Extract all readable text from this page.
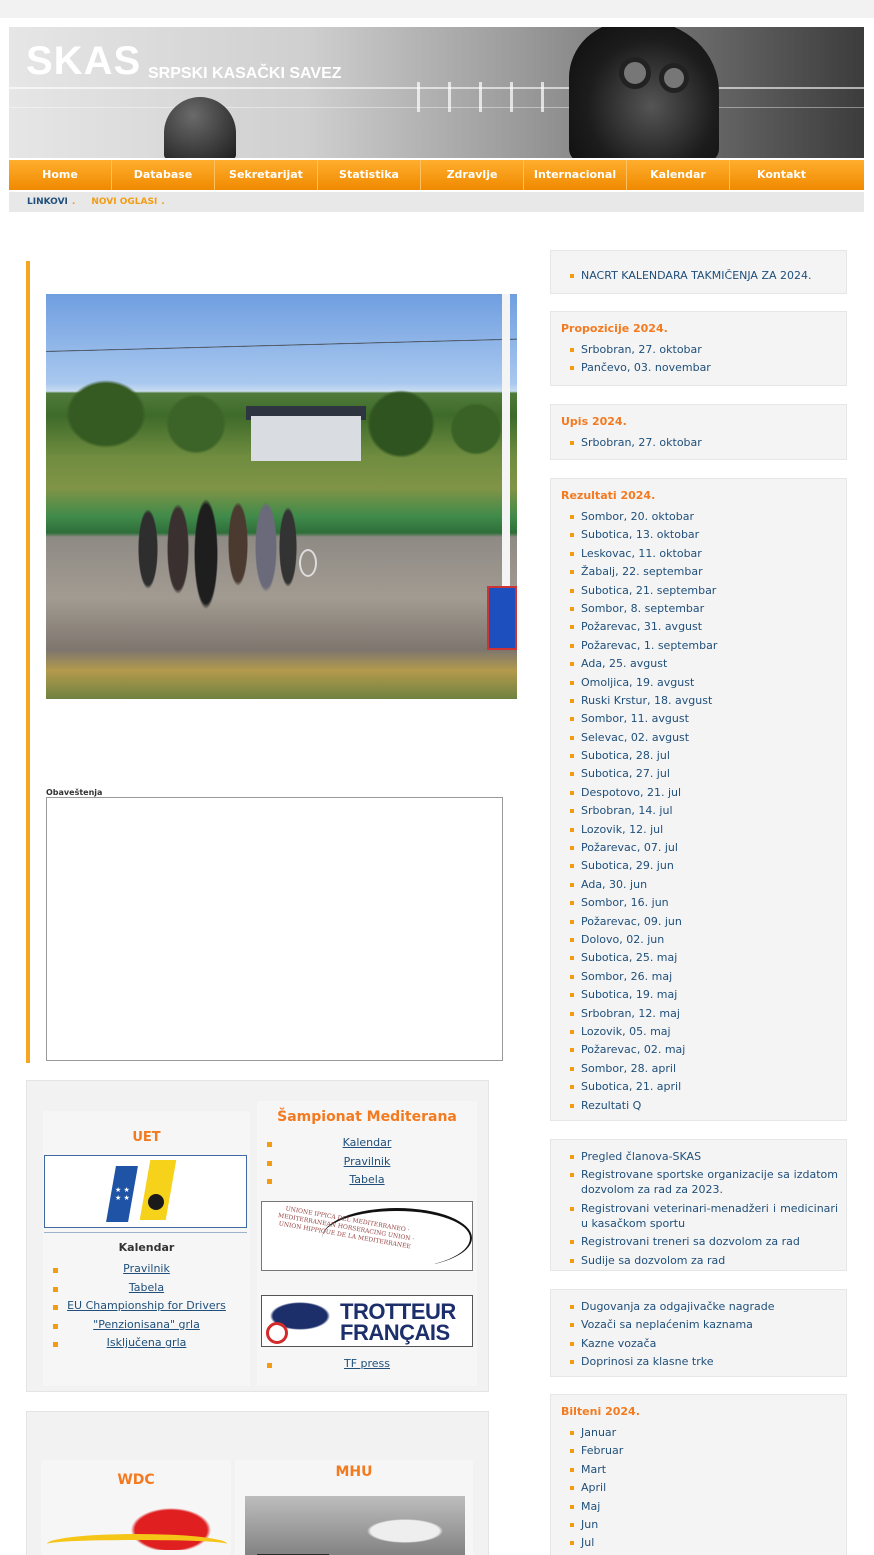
SKAS SRPSKI KASAČKI SAVEZ
Home	Database	Sekretarijat	Statistika	Zdravlje	Internacional	Kalendar	Kontakt
LINKOVI . NOVI OGLASI .
Obaveštenja
UET
★ ★
★ ★
Kalendar
Pravilnik
Tabela
EU Championship for Drivers
"Penzionisana" grla
Isključena grla
Šampionat Mediterana
Kalendar
Pravilnik
Tabela
UNIONE IPPICA DEL MEDITERRANEO · MEDITERRANEAN HORSERACING UNION · UNION HIPPIQUE DE LA MEDITERRANÉE
TROTTEUR
FRANÇAIS
TF press
WDC	MHU
NACRT KALENDARA TAKMIČENJA ZA 2024.
Propozicije 2024.
Srbobran, 27. oktobar
Pančevo, 03. novembar
Upis 2024.
Srbobran, 27. oktobar
Rezultati 2024.
Sombor, 20. oktobar
Subotica, 13. oktobar
Leskovac, 11. oktobar
Žabalj, 22. septembar
Subotica, 21. septembar
Sombor, 8. septembar
Požarevac, 31. avgust
Požarevac, 1. septembar
Ada, 25. avgust
Omoljica, 19. avgust
Ruski Krstur, 18. avgust
Sombor, 11. avgust
Selevac, 02. avgust
Subotica, 28. jul
Subotica, 27. jul
Despotovo, 21. jul
Srbobran, 14. jul
Lozovik, 12. jul
Požarevac, 07. jul
Subotica, 29. jun
Ada, 30. jun
Sombor, 16. jun
Požarevac, 09. jun
Dolovo, 02. jun
Subotica, 25. maj
Sombor, 26. maj
Subotica, 19. maj
Srbobran, 12. maj
Lozovik, 05. maj
Požarevac, 02. maj
Sombor, 28. april
Subotica, 21. april
Rezultati Q
Pregled članova-SKAS
Registrovane sportske organizacije sa izdatom dozvolom za rad za 2023.
Registrovani veterinari-menadžeri i medicinari u kasačkom sportu
Registrovani treneri sa dozvolom za rad
Sudije sa dozvolom za rad
Dugovanja za odgajivačke nagrade
Vozači sa neplaćenim kaznama
Kazne vozača
Doprinosi za klasne trke
Bilteni 2024.
Januar
Februar
Mart
April
Maj
Jun
Jul
